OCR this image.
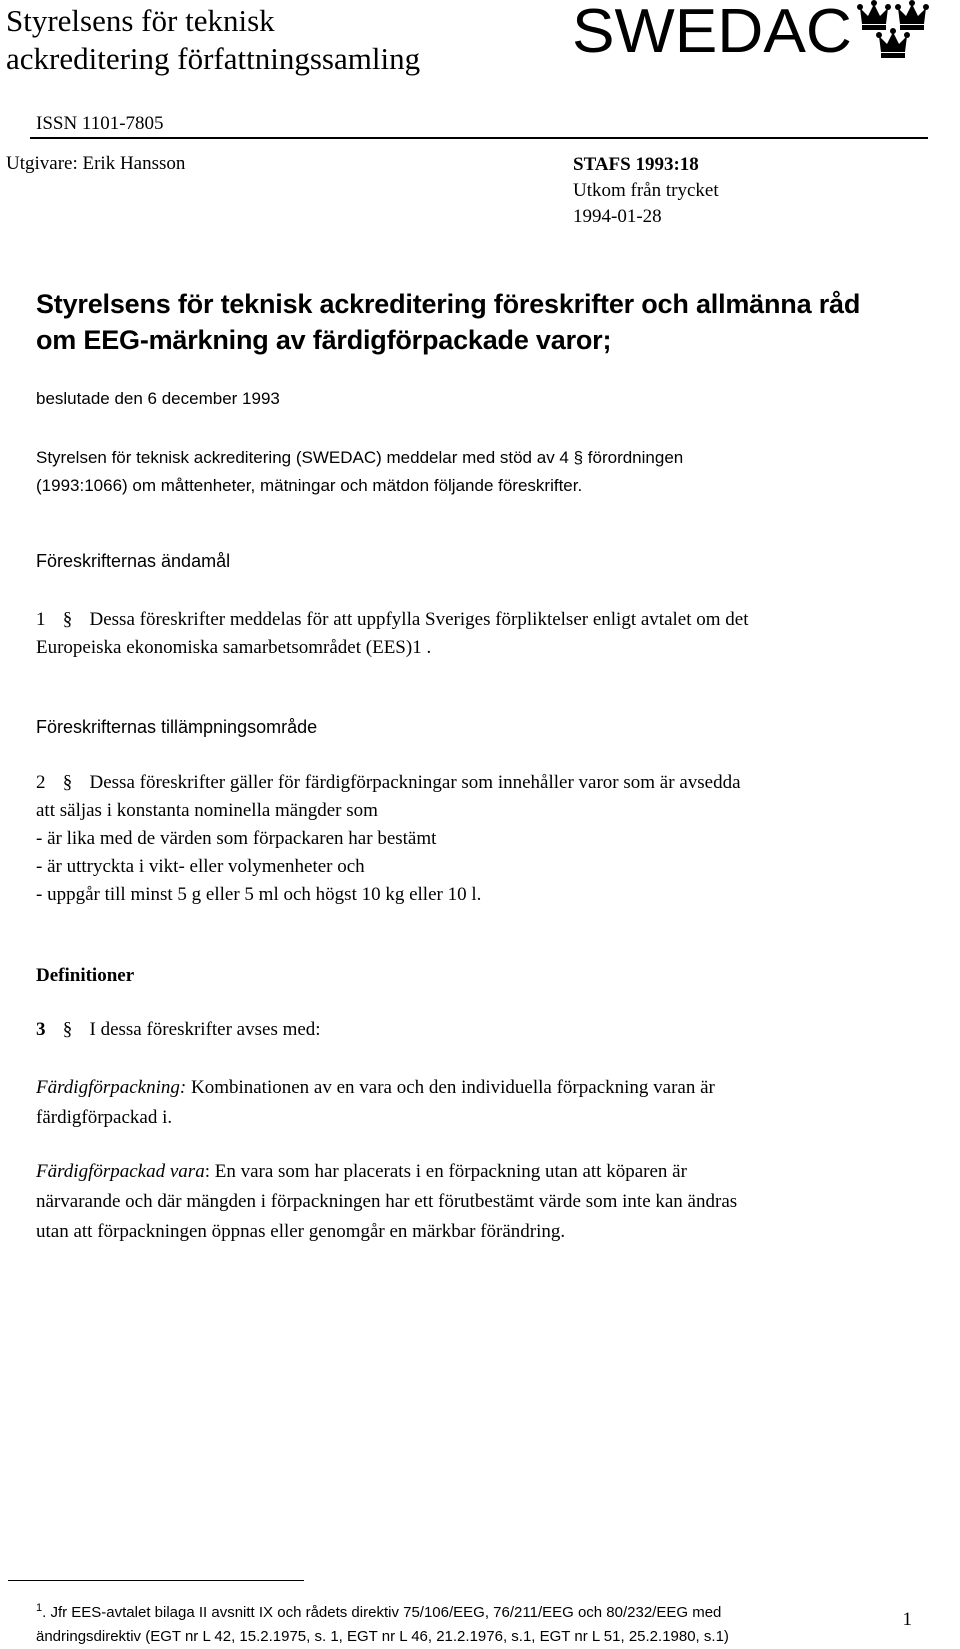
Styrelsens för teknisk
ackreditering författningssamling SWEDAC
ISSN 1101-7805
Utgivare: Erik Hansson	STAFS 1993:18
Utkom från trycket
1994-01-28
Styrelsens för teknisk ackreditering föreskrifter och allmänna råd
om EEG-märkning av färdigförpackade varor;
beslutade den 6 december 1993
Styrelsen för teknisk ackreditering (SWEDAC) meddelar med stöd av 4 § förordningen
(1993:1066) om måttenheter, mätningar och mätdon följande föreskrifter.
Föreskrifternas ändamål
1 § Dessa föreskrifter meddelas för att uppfylla Sveriges förpliktelser enligt avtalet om det
Europeiska ekonomiska samarbetsområdet (EES)1 .
Föreskrifternas tillämpningsområde
2 § Dessa föreskrifter gäller för färdigförpackningar som innehåller varor som är avsedda
att säljas i konstanta nominella mängder som
- är lika med de värden som förpackaren har bestämt
- är uttryckta i vikt- eller volymenheter och
- uppgår till minst 5 g eller 5 ml och högst 10 kg eller 10 l.
Definitioner
3 § I dessa föreskrifter avses med:
Färdigförpackning: Kombinationen av en vara och den individuella förpackning varan är
färdigförpackad i.
Färdigförpackad vara: En vara som har placerats i en förpackning utan att köparen är
närvarande och där mängden i förpackningen har ett förutbestämt värde som inte kan ändras
utan att förpackningen öppnas eller genomgår en märkbar förändring.
$^1$. Jfr EES-avtalet bilaga II avsnitt IX och rådets direktiv 75/106/EEG, 76/211/EEG och 80/232/EEG med
ändringsdirektiv (EGT nr L 42, 15.2.1975, s. 1, EGT nr L 46, 21.2.1976, s.1, EGT nr L 51, 25.2.1980, s.1)
1
